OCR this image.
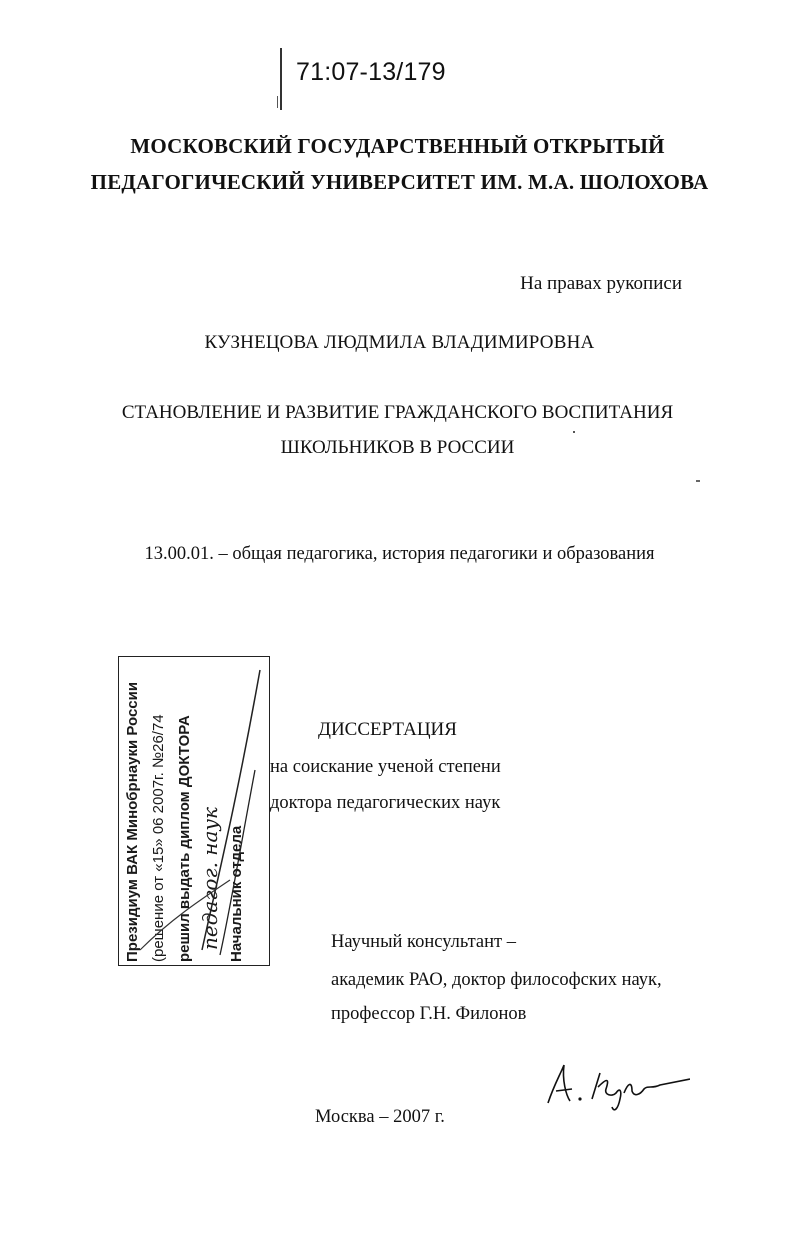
71:07-13/179
МОСКОВСКИЙ ГОСУДАРСТВЕННЫЙ ОТКРЫТЫЙ
ПЕДАГОГИЧЕСКИЙ УНИВЕРСИТЕТ ИМ. М.А. ШОЛОХОВА
На правах рукописи
КУЗНЕЦОВА ЛЮДМИЛА ВЛАДИМИРОВНА
СТАНОВЛЕНИЕ И РАЗВИТИЕ ГРАЖДАНСКОГО ВОСПИТАНИЯ
ШКОЛЬНИКОВ В РОССИИ
13.00.01. – общая педагогика, история педагогики и образования
Президиум ВАК Минобрнауки России (решение от «15» 06 2007г. №26/74 решил выдать диплом ДОКТОРА педагог. наук Начальник отдела
ДИССЕРТАЦИЯ
на соискание ученой степени
доктора педагогических наук
Научный консультант –
академик РАО, доктор философских наук,
профессор Г.Н. Филонов
Москва – 2007 г.
